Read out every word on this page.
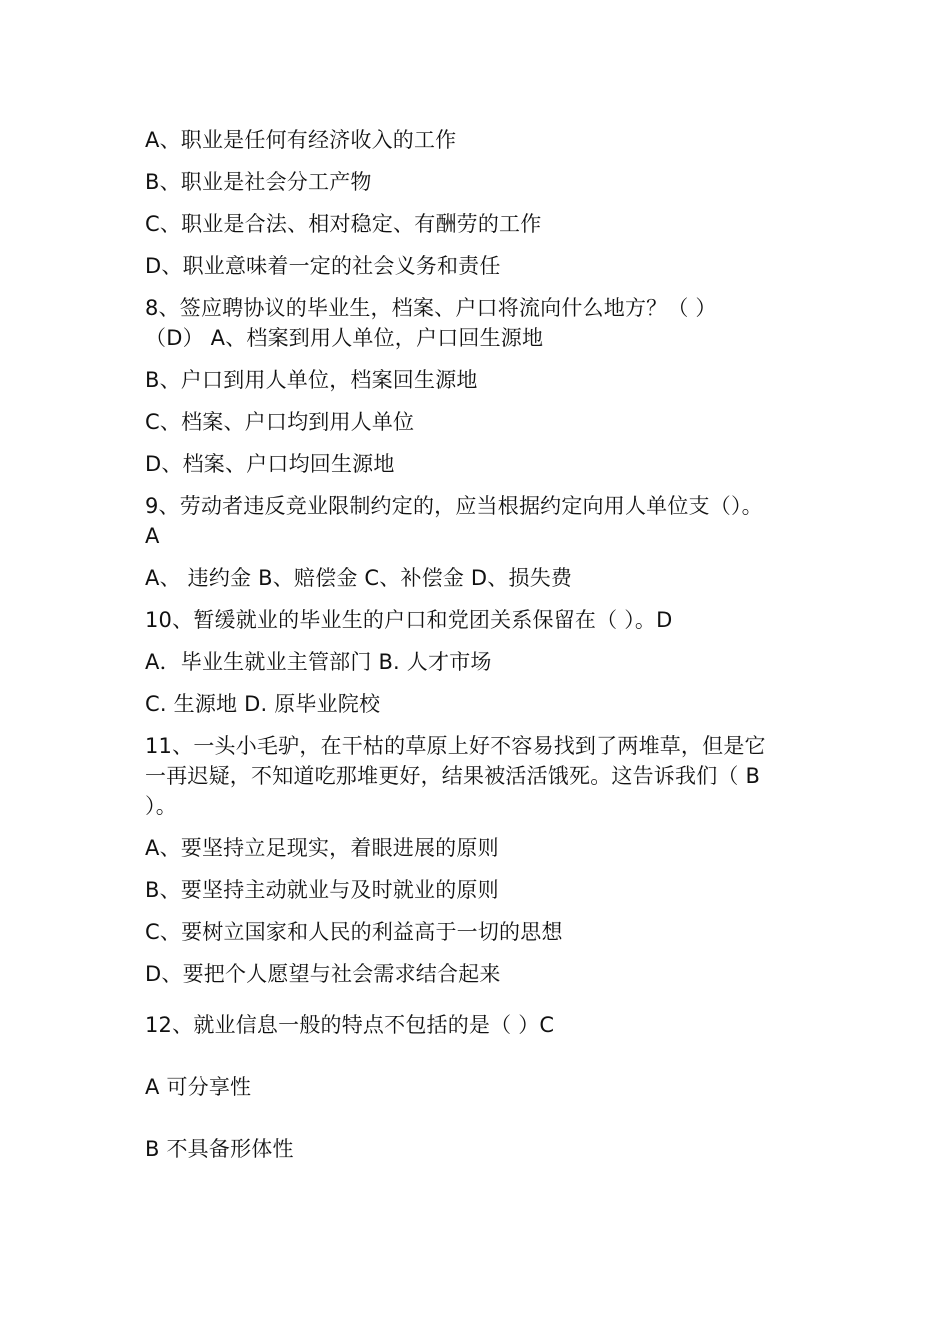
A、职业是任何有经济收入的工作
B、职业是社会分工产物
C、职业是合法、相对稳定、有酬劳的工作
D、职业意味着一定的社会义务和责任
8、签应聘协议的毕业生，档案、户口将流向什么地方？（ ）
（D） A、档案到用人单位，户口回生源地
B、户口到用人单位，档案回生源地
C、档案、户口均到用人单位
D、档案、户口均回生源地
9、劳动者违反竞业限制约定的，应当根据约定向用人单位支（）。
A
A、 违约金 B、赔偿金 C、补偿金 D、损失费
10、暂缓就业的毕业生的户口和党团关系保留在（ ）。D
A．毕业生就业主管部门 B. 人才市场
C. 生源地 D. 原毕业院校
11、一头小毛驴，在干枯的草原上好不容易找到了两堆草，但是它
一再迟疑，不知道吃那堆更好，结果被活活饿死。这告诉我们（ B
）。
A、要坚持立足现实，着眼进展的原则
B、要坚持主动就业与及时就业的原则
C、要树立国家和人民的利益高于一切的思想
D、要把个人愿望与社会需求结合起来
12、就业信息一般的特点不包括的是（ ）C
A 可分享性
B 不具备形体性
